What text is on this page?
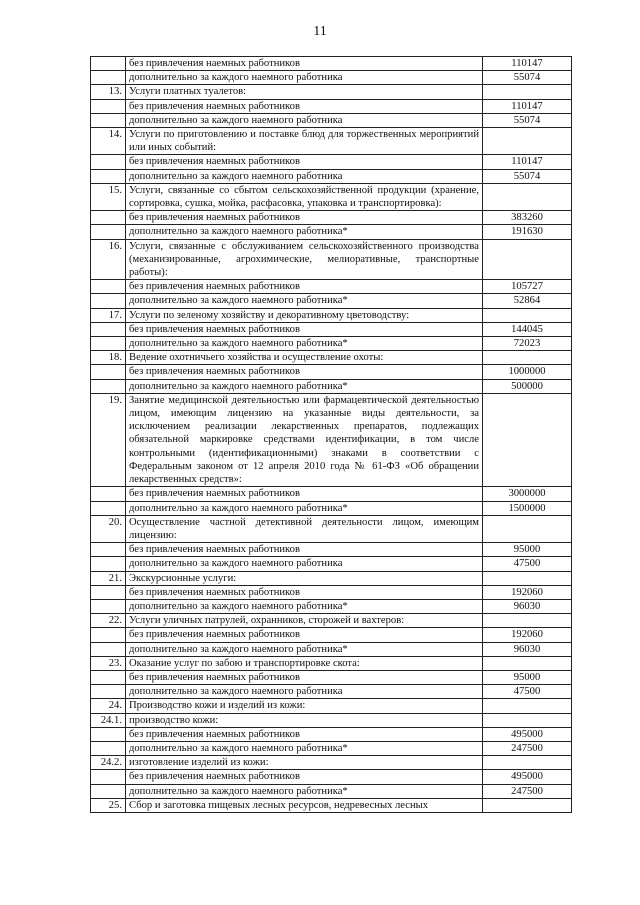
11
	без привлечения наемных работников	110147
	дополнительно за каждого наемного работника	55074
13.	Услуги платных туалетов:	
	без привлечения наемных работников	110147
	дополнительно за каждого наемного работника	55074
14.	Услуги по приготовлению и поставке блюд для торжественных мероприятий или иных событий:	
	без привлечения наемных работников	110147
	дополнительно за каждого наемного работника	55074
15.	Услуги, связанные со сбытом сельскохозяйственной продукции (хранение, сортировка, сушка, мойка, расфасовка, упаковка и транспортировка):	
	без привлечения наемных работников	383260
	дополнительно за каждого наемного работника*	191630
16.	Услуги, связанные с обслуживанием сельскохозяйственного производства (механизированные, агрохимические, мелиоративные, транспортные работы):	
	без привлечения наемных работников	105727
	дополнительно за каждого наемного работника*	52864
17.	Услуги по зеленому хозяйству и декоративному цветоводству:	
	без привлечения наемных работников	144045
	дополнительно за каждого наемного работника*	72023
18.	Ведение охотничьего хозяйства и осуществление охоты:	
	без привлечения наемных работников	1000000
	дополнительно за каждого наемного работника*	500000
19.	Занятие медицинской деятельностью или фармацевтической деятельностью лицом, имеющим лицензию на указанные виды деятельности, за исключением реализации лекарственных препаратов, подлежащих обязательной маркировке средствами идентификации, в том числе контрольными (идентификационными) знаками в соответствии с Федеральным законом от 12 апреля 2010 года № 61-ФЗ «Об обращении лекарственных средств»:	
	без привлечения наемных работников	3000000
	дополнительно за каждого наемного работника*	1500000
20.	Осуществление частной детективной деятельности лицом, имеющим лицензию:	
	без привлечения наемных работников	95000
	дополнительно за каждого наемного работника	47500
21.	Экскурсионные услуги:	
	без привлечения наемных работников	192060
	дополнительно за каждого наемного работника*	96030
22.	Услуги уличных патрулей, охранников, сторожей и вахтеров:	
	без привлечения наемных работников	192060
	дополнительно за каждого наемного работника*	96030
23.	Оказание услуг по забою и транспортировке скота:	
	без привлечения наемных работников	95000
	дополнительно за каждого наемного работника	47500
24.	Производство кожи и изделий из кожи:	
24.1.	производство кожи:	
	без привлечения наемных работников	495000
	дополнительно за каждого наемного работника*	247500
24.2.	изготовление изделий из кожи:	
	без привлечения наемных работников	495000
	дополнительно за каждого наемного работника*	247500
25.	Сбор и заготовка пищевых лесных ресурсов, недревесных лесных	
